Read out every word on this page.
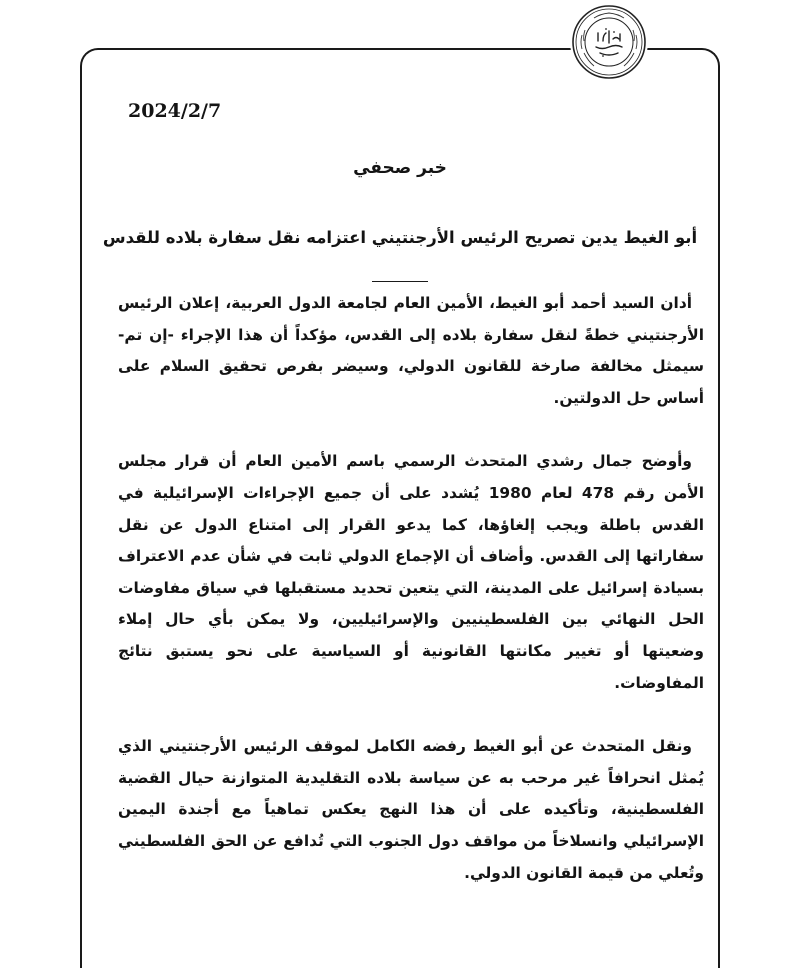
2024/2/7
خبر صحفي
أبو الغيط يدين تصريح الرئيس الأرجنتيني اعتزامه نقل سفارة بلاده للقدس

أدان السيد أحمد أبو الغيط، الأمين العام لجامعة الدول العربية، إعلان الرئيس الأرجنتيني خطةً لنقل سفارة بلاده إلى القدس، مؤكداً أن هذا الإجراء -إن تم- سيمثل مخالفة صارخة للقانون الدولي، وسيضر بفرص تحقيق السلام على أساس حل الدولتين.

وأوضح جمال رشدي المتحدث الرسمي باسم الأمين العام أن قرار مجلس الأمن رقم 478 لعام 1980 يُشدد على أن جميع الإجراءات الإسرائيلية في القدس باطلة ويجب إلغاؤها، كما يدعو القرار إلى امتناع الدول عن نقل سفاراتها إلى القدس. وأضاف أن الإجماع الدولي ثابت في شأن عدم الاعتراف بسيادة إسرائيل على المدينة، التي يتعين تحديد مستقبلها في سياق مفاوضات الحل النهائي بين الفلسطينيين والإسرائيليين، ولا يمكن بأي حال إملاء وضعيتها أو تغيير مكانتها القانونية أو السياسية على نحو يستبق نتائج المفاوضات.

ونقل المتحدث عن أبو الغيط رفضه الكامل لموقف الرئيس الأرجنتيني الذي يُمثل انحرافاً غير مرحب به عن سياسة بلاده التقليدية المتوازنة حيال القضية الفلسطينية، وتأكيده على أن هذا النهج يعكس تماهياً مع أجندة اليمين الإسرائيلي وانسلاخاً من مواقف دول الجنوب التي تُدافع عن الحق الفلسطيني وتُعلي من قيمة القانون الدولي.
